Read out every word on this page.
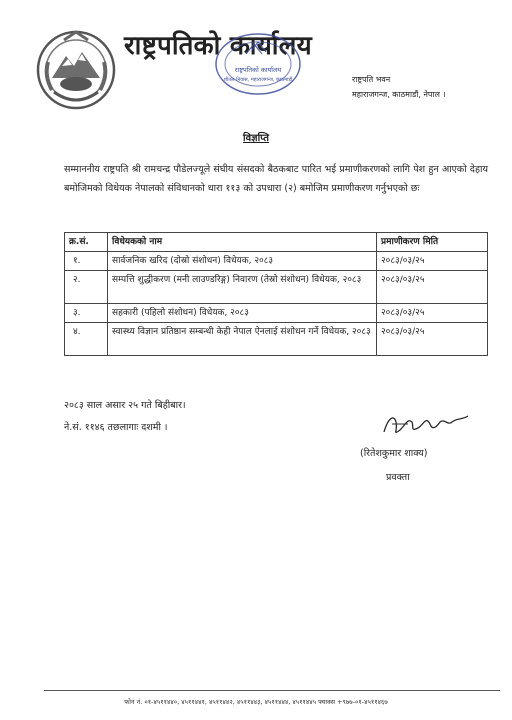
राष्ट्रपतिको कार्यालय
राष्ट्रपतिको कार्यालय
शीतल निवास, महाराजगन्ज, काठमाडौं	राष्ट्रपति भवन
महाराजगन्ज, काठमाडौं, नेपाल ।
विज्ञप्ति
सम्माननीय राष्ट्रपति श्री रामचन्द्र पौडेलज्यूले संघीय संसदको बैठकबाट पारित भई प्रमाणीकरणको लागि पेश हुन आएको देहाय बमोजिमको विधेयक नेपालको संविधानको धारा ११३ को उपधारा (२) बमोजिम प्रमाणीकरण गर्नुभएको छः
क्र.सं.	विधेयकको नाम	प्रमाणीकरण मिति
१.	सार्वजनिक खरिद (दोस्रो संशोधन) विधेयक, २०८३	२०८३/०३/२५
२.	सम्पत्ति शुद्धीकरण (मनी लाउण्डरिङ्ग) निवारण (तेस्रो संशोधन) विधेयक, २०८३	२०८३/०३/२५
३.	सहकारी (पहिलो संशोधन) विधेयक, २०८३	२०८३/०३/२५
४.	स्वास्थ्य विज्ञान प्रतिष्ठान सम्बन्धी केही नेपाल ऐनलाई संशोधन गर्ने विधेयक, २०८३	२०८३/०३/२५
२०८३ साल असार २५ गते बिहीबार।
ने.सं. ११४६ तछलागाः दशमी ।
(रितेशकुमार शाक्य)
प्रवक्ता
फोन नं. ०१-४५११४४०, ४५११४४१, ४५११४४२, ४५११४४३, ४५११४४४, ४५११४४५ फ्याक्स +९७७-०१-४५११४६७
